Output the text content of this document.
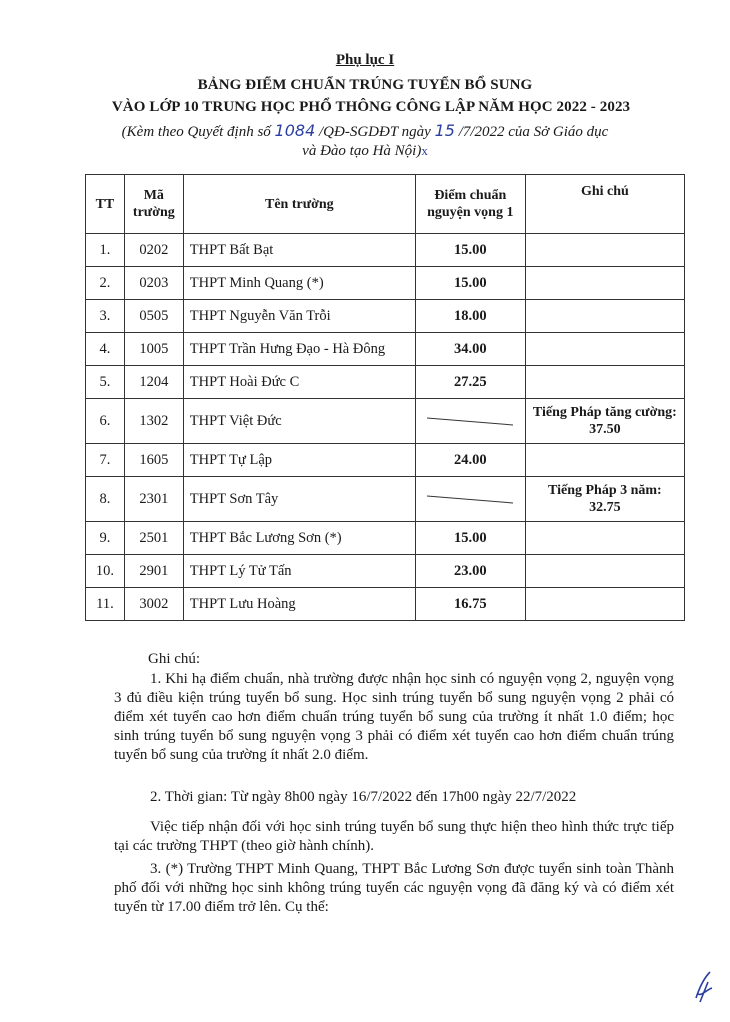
Phụ lục I
BẢNG ĐIỂM CHUẨN TRÚNG TUYỂN BỔ SUNG
VÀO LỚP 10 TRUNG HỌC PHỔ THÔNG CÔNG LẬP NĂM HỌC 2022 - 2023
(Kèm theo Quyết định số 1084 /QĐ-SGDĐT ngày 15 /7/2022 của Sở Giáo dục
và Đào tạo Hà Nội)x
TT	Mã trường	Tên trường	Điểm chuẩn nguyện vọng 1	Ghi chú
1.	0202	THPT Bất Bạt	15.00	
2.	0203	THPT Minh Quang (*)	15.00	
3.	0505	THPT Nguyễn Văn Trỗi	18.00	
4.	1005	THPT Trần Hưng Đạo - Hà Đông	34.00	
5.	1204	THPT Hoài Đức C	27.25	
6.	1302	THPT Việt Đức		Tiếng Pháp tăng cường: 37.50
7.	1605	THPT Tự Lập	24.00	
8.	2301	THPT Sơn Tây		Tiếng Pháp 3 năm: 32.75
9.	2501	THPT Bắc Lương Sơn (*)	15.00	
10.	2901	THPT Lý Tử Tấn	23.00	
11.	3002	THPT Lưu Hoàng	16.75	
Ghi chú:

1. Khi hạ điểm chuẩn, nhà trường được nhận học sinh có nguyện vọng 2, nguyện vọng 3 đủ điều kiện trúng tuyển bổ sung. Học sinh trúng tuyển bổ sung nguyện vọng 2 phải có điểm xét tuyển cao hơn điểm chuẩn trúng tuyển bổ sung của trường ít nhất 1.0 điểm; học sinh trúng tuyển bổ sung nguyện vọng 3 phải có điểm xét tuyển cao hơn điểm chuẩn trúng tuyển bổ sung của trường ít nhất 2.0 điểm.

2. Thời gian: Từ ngày 8h00 ngày 16/7/2022 đến 17h00 ngày 22/7/2022

Việc tiếp nhận đối với học sinh trúng tuyển bổ sung thực hiện theo hình thức trực tiếp tại các trường THPT (theo giờ hành chính).

3. (*) Trường THPT Minh Quang, THPT Bắc Lương Sơn được tuyển sinh toàn Thành phố đối với những học sinh không trúng tuyển các nguyện vọng đã đăng ký và có điểm xét tuyển từ 17.00 điểm trở lên. Cụ thể:
